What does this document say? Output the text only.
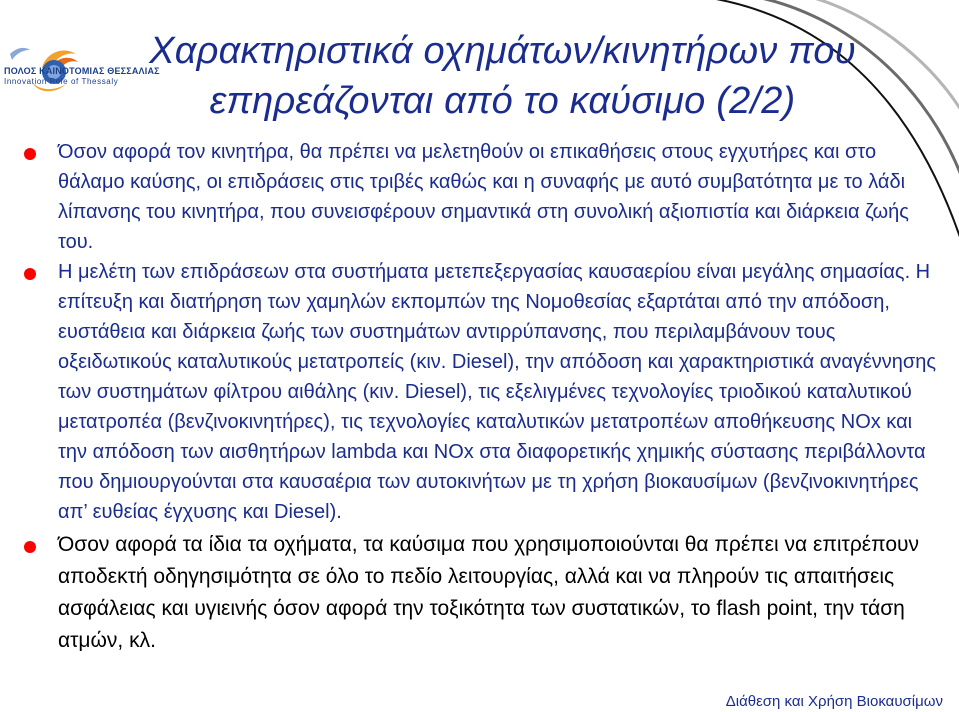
ΠΟΛΟΣ ΚΑΙΝΟΤΟΜΙΑΣ ΘΕΣΣΑΛΙΑΣ
Innovation Pole of Thessaly
Χαρακτηριστικά οχημάτων/κινητήρων που επηρεάζονται από το καύσιμο (2/2)
Όσον αφορά τον κινητήρα, θα πρέπει να μελετηθούν οι επικαθήσεις στους εγχυτήρες και στο θάλαμο καύσης, οι επιδράσεις στις τριβές καθώς και η συναφής με αυτό συμβατότητα με το λάδι λίπανσης του κινητήρα, που συνεισφέρουν σημαντικά στη συνολική αξιοπιστία και διάρκεια ζωής του.
Η μελέτη των επιδράσεων στα συστήματα μετεπεξεργασίας καυσαερίου είναι μεγάλης σημασίας. Η επίτευξη και διατήρηση των χαμηλών εκπομπών της Νομοθεσίας εξαρτάται από την απόδοση, ευστάθεια και διάρκεια ζωής των συστημάτων αντιρρύπανσης, που περιλαμβάνουν τους οξειδωτικούς καταλυτικούς μετατροπείς (κιν. Diesel), την απόδοση και χαρακτηριστικά αναγέννησης των συστημάτων φίλτρου αιθάλης (κιν. Diesel), τις εξελιγμένες τεχνολογίες τριοδικού καταλυτικού μετατροπέα (βενζινοκινητήρες), τις τεχνολογίες καταλυτικών μετατροπέων αποθήκευσης NOx και την απόδοση των αισθητήρων lambda και NOx στα διαφορετικής χημικής σύστασης περιβάλλοντα που δημιουργούνται στα καυσαέρια των αυτοκινήτων με τη χρήση βιοκαυσίμων (βενζινοκινητήρες απ’ ευθείας έγχυσης και Diesel).
Όσον αφορά τα ίδια τα οχήματα, τα καύσιμα που χρησιμοποιούνται θα πρέπει να επιτρέπουν αποδεκτή οδηγησιμότητα σε όλο το πεδίο λειτουργίας, αλλά και να πληρούν τις απαιτήσεις ασφάλειας και υγιεινής όσον αφορά την τοξικότητα των συστατικών, το flash point, την τάση ατμών, κλ.
Διάθεση και Χρήση Βιοκαυσίμων
